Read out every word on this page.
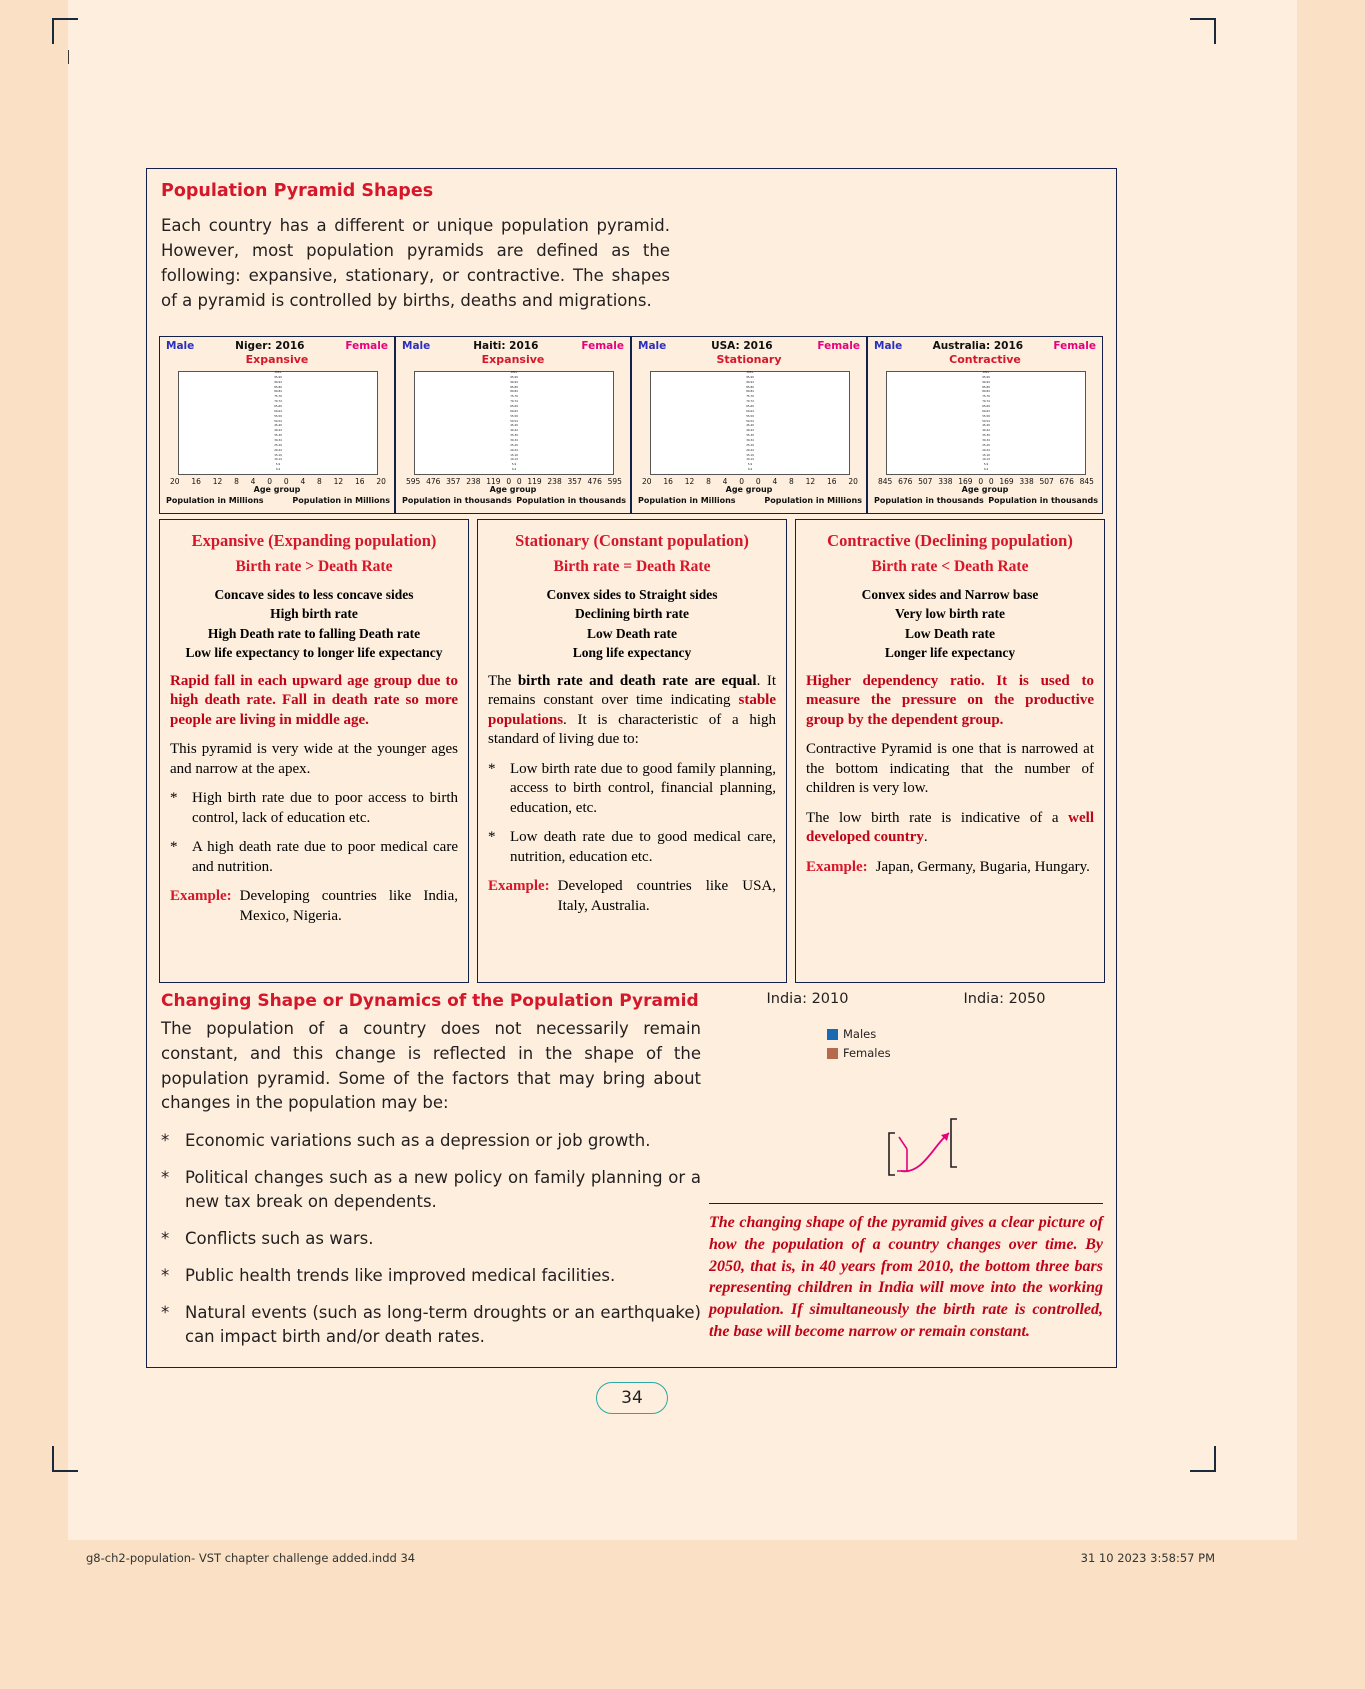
Population Pyramid Shapes
Each country has a different or unique population pyramid. However, most population pyramids are defined as the following: expansive, stationary, or contractive. The shapes of a pyramid is controlled by births, deaths and migrations.
Male	Niger: 2016	Female
Expansive
0-4
5-9
10-14
15-19
20-24
25-29
30-34
35-39
40-44
45-49
50-54
55-59
60-64
65-69
70-74
75-79
80-84
85-89
90-94
95-99
100+
20 16 12 8 4 0 0 4 8 12 16 20
Age group
Population in Millions	Population in Millions
Male	Haiti: 2016	Female
Expansive
0-4
5-9
10-14
15-19
20-24
25-29
30-34
35-39
40-44
45-49
50-54
55-59
60-64
65-69
70-74
75-79
80-84
85-89
90-94
95-99
100+
595 476 357 238 119 0 0 119 238 357 476 595
Age group
Population in thousands Population in thousands
Male	USA: 2016	Female
Stationary
0-4
5-9
10-14
15-19
20-24
25-29
30-34
35-39
40-44
45-49
50-54
55-59
60-64
65-69
70-74
75-79
80-84
85-89
90-94
95-99
100+
20 16 12 8 4 0 0 4 8 12 16 20
Age group
Population in Millions	Population in Millions
Male	Australia: 2016	Female
Contractive
0-4
5-9
10-14
15-19
20-24
25-29
30-34
35-39
40-44
45-49
50-54
55-59
60-64
65-69
70-74
75-79
80-84
85-89
90-94
95-99
100+
845 676 507 338 169 0 0 169 338 507 676 845
Age group
Population in thousands Population in thousands
Expansive (Expanding population)
Birth rate > Death Rate
Concave sides to less concave sides
High birth rate
High Death rate to falling Death rate
Low life expectancy to longer life expectancy
Rapid fall in each upward age group due to high death rate. Fall in death rate so more people are living in middle age.
This pyramid is very wide at the younger ages and narrow at the apex.
* High birth rate due to poor access to birth control, lack of education etc.
* A high death rate due to poor medical care and nutrition.
Example: Developing countries like India, Mexico, Nigeria.
Stationary (Constant population)
Birth rate = Death Rate
Convex sides to Straight sides
Declining birth rate
Low Death rate
Long life expectancy
The birth rate and death rate are equal. It remains constant over time indicating stable populations. It is characteristic of a high standard of living due to:
* Low birth rate due to good family planning, access to birth control, financial planning, education, etc.
* Low death rate due to good medical care, nutrition, education etc.
Example: Developed countries like USA, Italy, Australia.
Contractive (Declining population)
Birth rate < Death Rate
Convex sides and Narrow base
Very low birth rate
Low Death rate
Longer life expectancy
Higher dependency ratio. It is used to measure the pressure on the productive group by the dependent group.
Contractive Pyramid is one that is narrowed at the bottom indicating that the number of children is very low.
The low birth rate is indicative of a well developed country.
Example: Japan, Germany, Bugaria, Hungary.
Changing Shape or Dynamics of the Population Pyramid
The population of a country does not necessarily remain constant, and this change is reflected in the shape of the population pyramid. Some of the factors that may bring about changes in the population may be:
* Economic variations such as a depression or job growth.
* Political changes such as a new policy on family planning or a new tax break on dependents.
* Conflicts such as wars.
* Public health trends like improved medical facilities.
* Natural events (such as long-term droughts or an earthquake) can impact birth and/or death rates.
India: 2010	India: 2050
Males
Females
The changing shape of the pyramid gives a clear picture of how the population of a country changes over time. By 2050, that is, in 40 years from 2010, the bottom three bars representing children in India will move into the working population. If simultaneously the birth rate is controlled, the base will become narrow or remain constant.
34
g8-ch2-population- VST chapter challenge added.indd 34	31 10 2023 3:58:57 PM
